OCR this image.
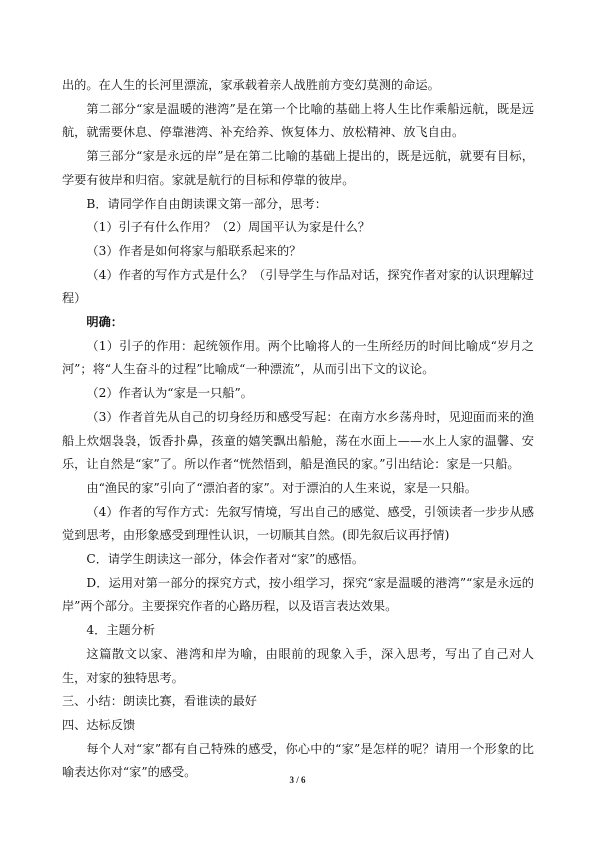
出的。在人生的长河里漂流，家承载着亲人战胜前方变幻莫测的命运。

第二部分“家是温暖的港湾”是在第一个比喻的基础上将人生比作乘船远航，既是远航，就需要休息、停靠港湾、补充给养、恢复体力、放松精神、放飞自由。

第三部分“家是永远的岸”是在第二比喻的基础上提出的，既是远航，就要有目标，学要有彼岸和归宿。家就是航行的目标和停靠的彼岸。

B．请同学作自由朗读课文第一部分，思考：

（1）引子有什么作用？（2）周国平认为家是什么？

（3）作者是如何将家与船联系起来的？

（4）作者的写作方式是什么？（引导学生与作品对话，探究作者对家的认识理解过程）

明确：

（1）引子的作用：起统领作用。两个比喻将人的一生所经历的时间比喻成“岁月之河”；将“人生奋斗的过程”比喻成“一种漂流”，从而引出下文的议论。

（2）作者认为“家是一只船”。

（3）作者首先从自己的切身经历和感受写起：在南方水乡荡舟时，见迎面而来的渔船上炊烟袅袅，饭香扑鼻，孩童的嬉笑飘出船舱，荡在水面上——水上人家的温馨、安乐，让自然是“家”了。所以作者“恍然悟到，船是渔民的家。”引出结论：家是一只船。

由“渔民的家”引向了“漂泊者的家”。对于漂泊的人生来说，家是一只船。

（4）作者的写作方式：先叙写情境，写出自己的感觉、感受，引领读者一步步从感觉到思考，由形象感受到理性认识，一切顺其自然。(即先叙后议再抒情)

C．请学生朗读这一部分，体会作者对“家”的感悟。

D．运用对第一部分的探究方式，按小组学习，探究“家是温暖的港湾”“家是永远的岸”两个部分。主要探究作者的心路历程，以及语言表达效果。

4．主题分析

这篇散文以家、港湾和岸为喻，由眼前的现象入手，深入思考，写出了自己对人生，对家的独特思考。

三、小结：朗读比赛，看谁读的最好

四、达标反馈

每个人对“家”都有自己特殊的感受，你心中的“家”是怎样的呢？请用一个形象的比喻表达你对“家”的感受。

3 / 6
